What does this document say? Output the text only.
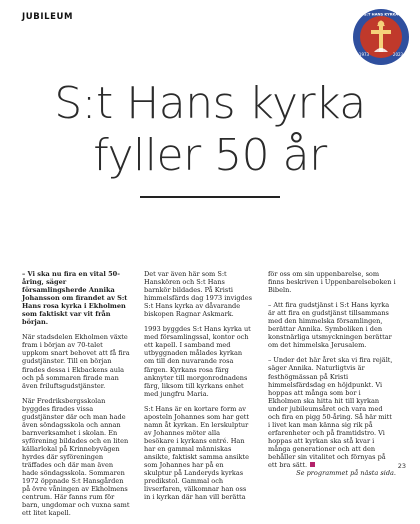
JUBILEUM	S:T HANS KYRKA
1973	2023
S:t Hans kyrka
fyller 50 år

– Vi ska nu fira en vital 50-åring, säger församlingsherde Annika Johansson om firandet av S:t Hans rosa kyrka i Ekholmen som faktiskt var vit från början.

När stadsdelen Ekholmen växte fram i början av 70-talet uppkom snart behovet att få fira gudstjänster. Till en början firades dessa i Ekbackens aula och på sommaren firade man även friluftsgudstjänster.

När Fredriksbergsskolan byggdes firades vissa gudstjänster där och man hade även söndagsskola och annan barnverksamhet i skolan. En syförening bildades och en liten källarlokal på Krinnebyvägen hyrdes där syföreningen träffades och där man även hade söndagsskola. Sommaren 1972 öppnade S:t Hansgården på övre våningen av Ekholmens centrum. Här fanns rum för barn, ungdomar och vuxna samt ett litet kapell.

Det var även här som S:t Hanskören och S:t Hans barnkör bildades. På Kristi himmelsfärds dag 1973 invigdes S:t Hans kyrka av dåvarande biskopen Ragnar Askmark.

1993 byggdes S:t Hans kyrka ut med församlingssal, kontor och ett kapell. I samband med utbyggnaden målades kyrkan om till den nuvarande rosa färgen. Kyrkans rosa färg anknyter till morgonrodnadens färg, liksom till kyrkans enhet med jungfru Maria.

S:t Hans är en kortare form av aposteln Johannes som har gett namn åt kyrkan. En lerskulptur av Johannes möter alla besökare i kyrkans entré. Han har en gammal människas ansikte, faktiskt samma ansikte som Johannes har på en skulptur på Landeryds kyrkas predikstol. Gammal och livserfaren, välkomnar han oss in i kyrkan där han vill berätta

för oss om sin uppenbarelse, som finns beskriven i Uppenbarelseboken i Bibeln.

– Att fira gudstjänst i S:t Hans kyrka är att fira en gudstjänst tillsammans med den himmelska församlingen, berättar Annika. Symboliken i den konstnärliga utsmyckningen berättar om det himmelska Jerusalem.

– Under det här året ska vi fira rejält, säger Annika. Naturligtvis är festhögmässan på Kristi himmelsfärdsdag en höjdpunkt. Vi hoppas att många som bor i Ekholmen ska hitta hit till kyrkan under jubileumsåret och vara med och fira en pigg 50-åring. Så här mitt i livet kan man känna sig rik på erfarenheter och på framtidstro. Vi hoppas att kyrkan ska stå kvar i många generationer och att den behåller sin vitalitet och förnyas på ett bra sätt.

Se programmet på nästa sida.

23
